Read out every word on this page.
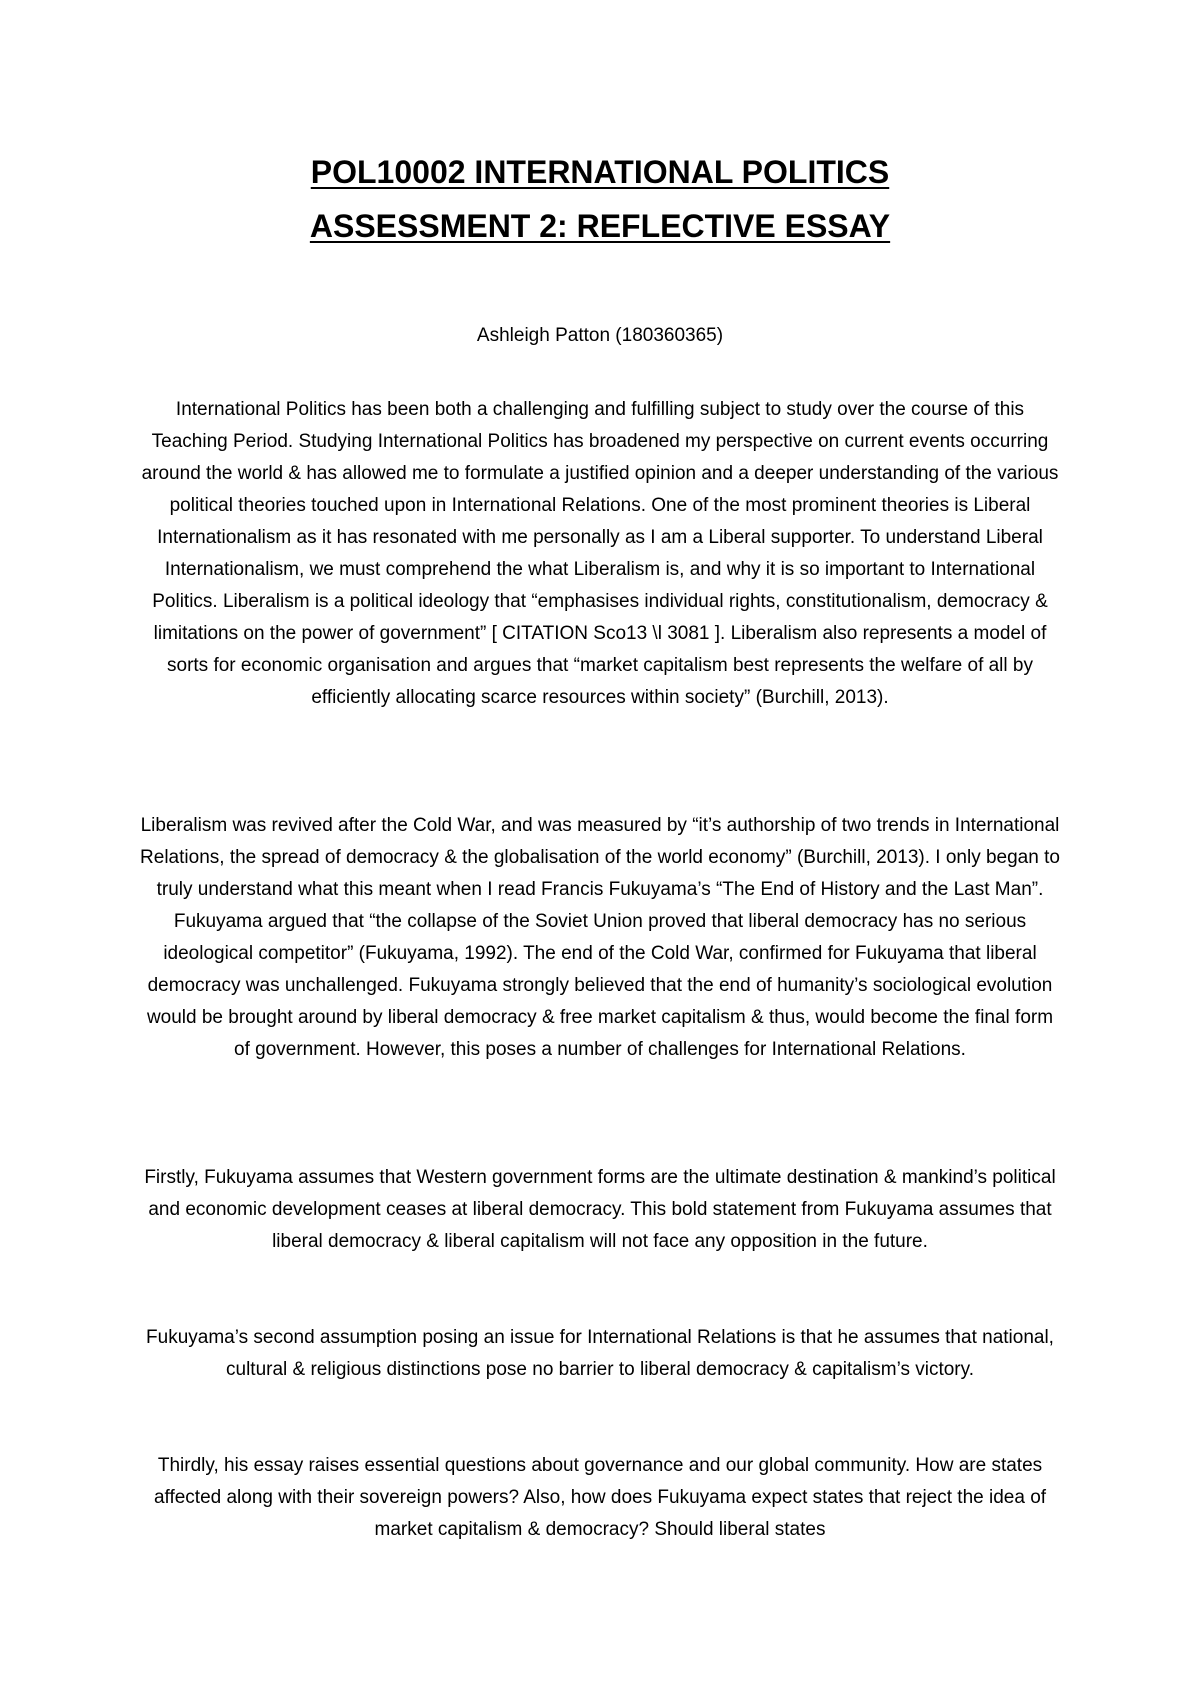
POL10002 INTERNATIONAL POLITICS
ASSESSMENT 2: REFLECTIVE ESSAY

Ashleigh Patton (180360365)

International Politics has been both a challenging and fulfilling subject to study over the course of this Teaching Period. Studying International Politics has broadened my perspective on current events occurring around the world & has allowed me to formulate a justified opinion and a deeper understanding of the various political theories touched upon in International Relations. One of the most prominent theories is Liberal Internationalism as it has resonated with me personally as I am a Liberal supporter. To understand Liberal Internationalism, we must comprehend the what Liberalism is, and why it is so important to International Politics. Liberalism is a political ideology that “emphasises individual rights, constitutionalism, democracy & limitations on the power of government” [ CITATION Sco13 \l 3081 ]. Liberalism also represents a model of sorts for economic organisation and argues that “market capitalism best represents the welfare of all by efficiently allocating scarce resources within society” (Burchill, 2013).

Liberalism was revived after the Cold War, and was measured by “it’s authorship of two trends in International Relations, the spread of democracy & the globalisation of the world economy” (Burchill, 2013). I only began to truly understand what this meant when I read Francis Fukuyama’s “The End of History and the Last Man”. Fukuyama argued that “the collapse of the Soviet Union proved that liberal democracy has no serious ideological competitor” (Fukuyama, 1992). The end of the Cold War, confirmed for Fukuyama that liberal democracy was unchallenged. Fukuyama strongly believed that the end of humanity’s sociological evolution would be brought around by liberal democracy & free market capitalism & thus, would become the final form of government. However, this poses a number of challenges for International Relations.

Firstly, Fukuyama assumes that Western government forms are the ultimate destination & mankind’s political and economic development ceases at liberal democracy. This bold statement from Fukuyama assumes that liberal democracy & liberal capitalism will not face any opposition in the future.

Fukuyama’s second assumption posing an issue for International Relations is that he assumes that national, cultural & religious distinctions pose no barrier to liberal democracy & capitalism’s victory.

Thirdly, his essay raises essential questions about governance and our global community. How are states affected along with their sovereign powers? Also, how does Fukuyama expect states that reject the idea of market capitalism & democracy? Should liberal states
